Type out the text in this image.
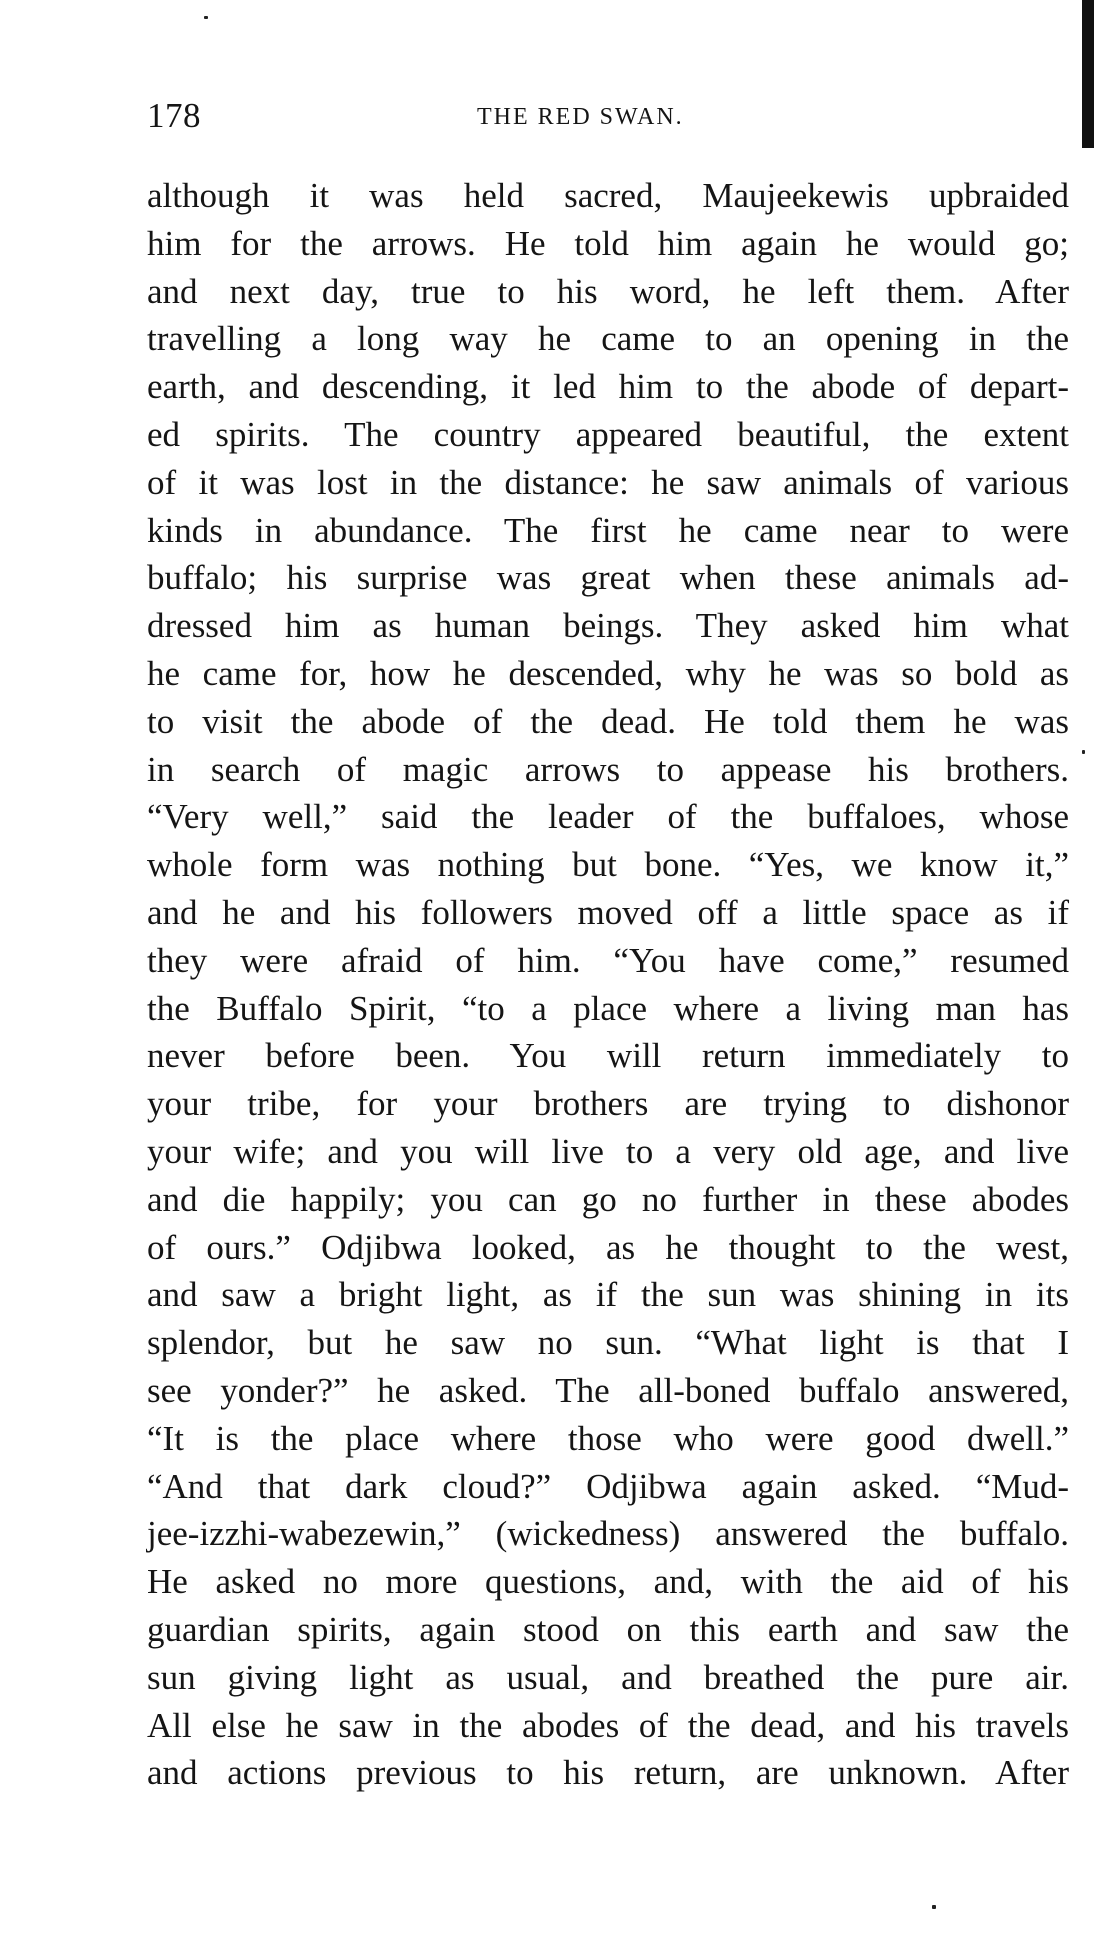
178	THE RED SWAN.
although it was held sacred, Maujeekewis upbraided
him for the arrows. He told him again he would go;
and next day, true to his word, he left them. After
travelling a long way he came to an opening in the
earth, and descending, it led him to the abode of depart-
ed spirits. The country appeared beautiful, the extent
of it was lost in the distance: he saw animals of various
kinds in abundance. The first he came near to were
buffalo; his surprise was great when these animals ad-
dressed him as human beings. They asked him what
he came for, how he descended, why he was so bold as
to visit the abode of the dead. He told them he was
in search of magic arrows to appease his brothers.
“Very well,” said the leader of the buffaloes, whose
whole form was nothing but bone. “Yes, we know it,”
and he and his followers moved off a little space as if
they were afraid of him. “You have come,” resumed
the Buffalo Spirit, “to a place where a living man has
never before been. You will return immediately to
your tribe, for your brothers are trying to dishonor
your wife; and you will live to a very old age, and live
and die happily; you can go no further in these abodes
of ours.” Odjibwa looked, as he thought to the west,
and saw a bright light, as if the sun was shining in its
splendor, but he saw no sun. “What light is that I
see yonder?” he asked. The all-boned buffalo answered,
“It is the place where those who were good dwell.”
“And that dark cloud?” Odjibwa again asked. “Mud-
jee-izzhi-wabezewin,” (wickedness) answered the buffalo.
He asked no more questions, and, with the aid of his
guardian spirits, again stood on this earth and saw the
sun giving light as usual, and breathed the pure air.
All else he saw in the abodes of the dead, and his travels
and actions previous to his return, are unknown. After
